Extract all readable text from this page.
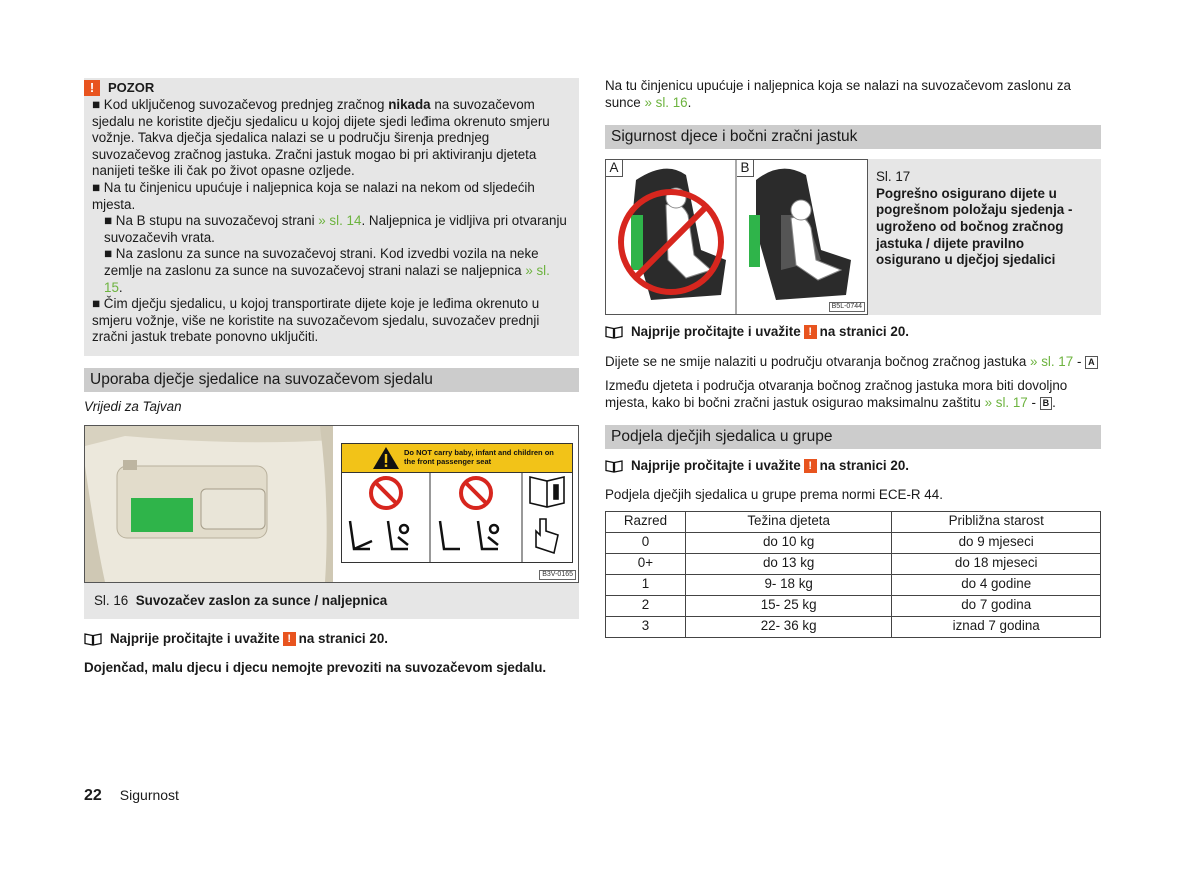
!	POZOR

■ Kod uključenog suvozačevog prednjeg zračnog nikada na suvozačevom sjedalu ne koristite dječju sjedalicu u kojoj dijete sjedi leđima okrenuto smjeru vožnje. Takva dječja sjedalica nalazi se u području širenja prednjeg suvozačevog zračnog jastuka. Zračni jastuk mogao bi pri aktiviranju djeteta nanijeti teške ili čak po život opasne ozljede.

■ Na tu činjenicu upućuje i naljepnica koja se nalazi na nekom od sljedećih mjesta.

■ Na B stupu na suvozačevoj strani » sl. 14. Naljepnica je vidljiva pri otvaranju suvozačevih vrata.

■ Na zaslonu za sunce na suvozačevoj strani. Kod izvedbi vozila na neke zemlje na zaslonu za sunce na suvozačevoj strani nalazi se naljepnica » sl. 15.

■ Čim dječju sjedalicu, u kojoj transportirate dijete koje je leđima okrenuto u smjeru vožnje, više ne koristite na suvozačevom sjedalu, suvozačev prednji zračni jastuk trebate ponovno uključiti.

Uporaba dječje sjedalice na suvozačevom sjedalu
Vrijedi za Tajvan
Do NOT carry baby, infant and children on the front passenger seat
B3V-0165
Sl. 16 Suvozačev zaslon za sunce / naljepnica
Najprije pročitajte i uvažite ! na stranici 20.
Dojenčad, malu djecu i djecu nemojte prevoziti na suvozačevom sjedalu.
Na tu činjenicu upućuje i naljepnica koja se nalazi na suvozačevom zaslonu za sunce » sl. 16.
Sigurnost djece i bočni zračni jastuk
A	B
B5L-0744
Sl. 17
Pogrešno osigurano dijete u pogrešnom položaju sjedenja - ugroženo od bočnog zračnog jastuka / dijete pravilno osigurano u dječjoj sjedalici
Najprije pročitajte i uvažite ! na stranici 20.
Dijete se ne smije nalaziti u području otvaranja bočnog zračnog jastuka » sl. 17 - A
Između djeteta i područja otvaranja bočnog zračnog jastuka mora biti dovoljno mjesta, kako bi bočni zračni jastuk osigurao maksimalnu zaštitu » sl. 17 - B .
Podjela dječjih sjedalica u grupe
Najprije pročitajte i uvažite ! na stranici 20.
Podjela dječjih sjedalica u grupe prema normi ECE-R 44.
Razred	Težina djeteta	Približna starost
0	do 10 kg	do 9 mjeseci
0+	do 13 kg	do 18 mjeseci
1	9- 18 kg	do 4 godine
2	15- 25 kg	do 7 godina
3	22- 36 kg	iznad 7 godina
22 Sigurnost
